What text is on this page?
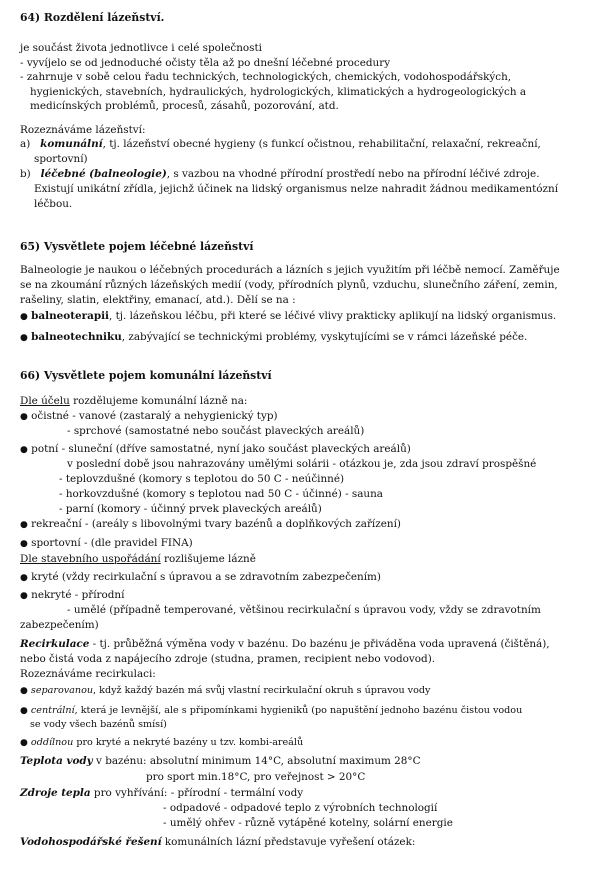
64) Rozdělení lázeňství.
je součást života jednotlivce i celé společnosti
- vyvíjelo se od jednoduché očisty těla až po dnešní léčebné procedury
- zahrnuje v sobě celou řadu technických, technologických, chemických, vodohospodářských,
hygienických, stavebních, hydraulických, hydrologických, klimatických a hydrogeologických a
medicínských problémů, procesů, zásahů, pozorování, atd.
Rozeznáváme lázeňství:
a) komunální, tj. lázeňství obecné hygieny (s funkcí očistnou, rehabilitační, relaxační, rekreační,
sportovní)
b) léčebné (balneologie), s vazbou na vhodné přírodní prostředí nebo na přírodní léčivé zdroje.
Existují unikátní zřídla, jejichž účinek na lidský organismus nelze nahradit žádnou medikamentózní
léčbou.
65) Vysvětlete pojem léčebné lázeňství
Balneologie je naukou o léčebných procedurách a lázních s jejich využitím při léčbě nemocí. Zaměřuje
se na zkoumání různých lázeňských medií (vody, přírodních plynů, vzduchu, slunečního záření, zemin,
rašeliny, slatin, elektřiny, emanací, atd.). Dělí se na :
● balneoterapii, tj. lázeňskou léčbu, při které se léčivé vlivy prakticky aplikují na lidský organismus.
● balneotechniku, zabývající se technickými problémy, vyskytujícími se v rámci lázeňské péče.
66) Vysvětlete pojem komunální lázeňství
Dle účelu rozdělujeme komunální lázně na:
● očistné - vanové (zastaralý a nehygienický typ)
- sprchové (samostatné nebo součást plaveckých areálů)
● potní - sluneční (dříve samostatné, nyní jako součást plaveckých areálů)
v poslední době jsou nahrazovány umělými solárii - otázkou je, zda jsou zdraví prospěšné
- teplovzdušné (komory s teplotou do 50 C - neúčinné)
- horkovzdušné (komory s teplotou nad 50 C - účinné) - sauna
- parní (komory - účinný prvek plaveckých areálů)
● rekreační - (areály s libovolnými tvary bazénů a doplňkových zařízení)
● sportovní - (dle pravidel FINA)
Dle stavebního uspořádání rozlišujeme lázně
● kryté (vždy recirkulační s úpravou a se zdravotním zabezpečením)
● nekryté - přírodní
- umělé (případně temperované, většinou recirkulační s úpravou vody, vždy se zdravotním
zabezpečením)
Recirkulace - tj. průběžná výměna vody v bazénu. Do bazénu je přiváděna voda upravená (čištěná),
nebo čistá voda z napájecího zdroje (studna, pramen, recipient nebo vodovod).
Rozeznáváme recirkulaci:
● separovanou, když každý bazén má svůj vlastní recirkulační okruh s úpravou vody
● centrální, která je levnější, ale s připomínkami hygieniků (po napuštění jednoho bazénu čistou vodou
se vody všech bazénů smísí)
● oddílnou pro kryté a nekryté bazény u tzv. kombi-areálů
Teplota vody v bazénu: absolutní minimum 14°C, absolutní maximum 28°C
pro sport min.18°C, pro veřejnost > 20°C
Zdroje tepla pro vyhřívání: - přírodní - termální vody
- odpadové - odpadové teplo z výrobních technologií
- umělý ohřev - různě vytápěné kotelny, solární energie
Vodohospodářské řešení komunálních lázní představuje vyřešení otázek:
